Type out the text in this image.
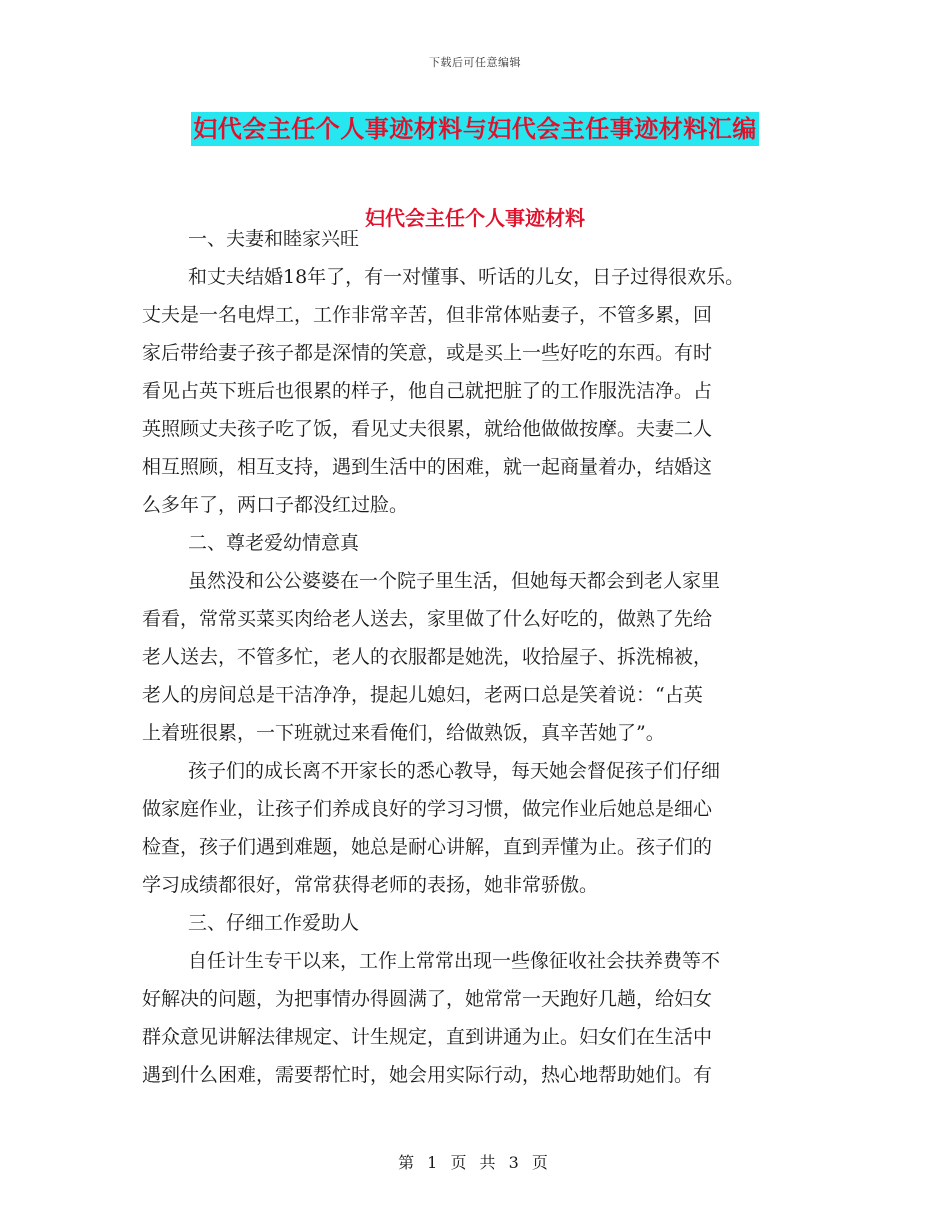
下载后可任意编辑
妇代会主任个人事迹材料与妇代会主任事迹材料汇编
妇代会主任个人事迹材料
一、夫妻和睦家兴旺
和丈夫结婚18年了，有一对懂事、听话的儿女，日子过得很欢乐。
丈夫是一名电焊工，工作非常辛苦，但非常体贴妻子，不管多累，回
家后带给妻子孩子都是深情的笑意，或是买上一些好吃的东西。有时
看见占英下班后也很累的样子，他自己就把脏了的工作服洗洁净。占
英照顾丈夫孩子吃了饭，看见丈夫很累，就给他做做按摩。夫妻二人
相互照顾，相互支持，遇到生活中的困难，就一起商量着办，结婚这
么多年了，两口子都没红过脸。
二、尊老爱幼情意真
虽然没和公公婆婆在一个院子里生活，但她每天都会到老人家里
看看，常常买菜买肉给老人送去，家里做了什么好吃的，做熟了先给
老人送去，不管多忙，老人的衣服都是她洗，收拾屋子、拆洗棉被，
老人的房间总是干洁净净，提起儿媳妇，老两口总是笑着说：“占英
上着班很累，一下班就过来看俺们，给做熟饭，真辛苦她了”。
孩子们的成长离不开家长的悉心教导，每天她会督促孩子们仔细
做家庭作业，让孩子们养成良好的学习习惯，做完作业后她总是细心
检查，孩子们遇到难题，她总是耐心讲解，直到弄懂为止。孩子们的
学习成绩都很好，常常获得老师的表扬，她非常骄傲。
三、仔细工作爱助人
自任计生专干以来，工作上常常出现一些像征收社会扶养费等不
好解决的问题，为把事情办得圆满了，她常常一天跑好几趟，给妇女
群众意见讲解法律规定、计生规定，直到讲通为止。妇女们在生活中
遇到什么困难，需要帮忙时，她会用实际行动，热心地帮助她们。有
第 1 页 共 3 页
